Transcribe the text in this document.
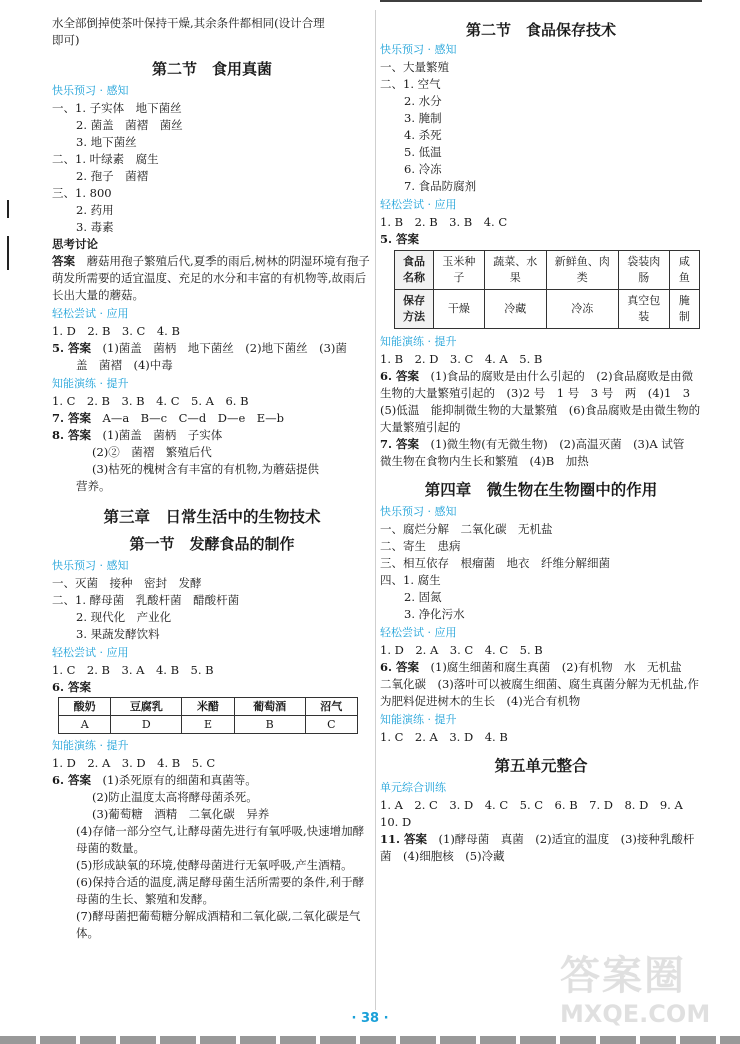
水全部倒掉使茶叶保持干燥,其余条件都相同(设计合理

即可)

第二节　食用真菌
快乐预习 · 感知

一、1. 子实体　地下菌丝

2. 菌盖　菌褶　菌丝

3. 地下菌丝

二、1. 叶绿素　腐生

2. 孢子　菌褶

三、1. 800

2. 药用

3. 毒素

思考讨论

答案　 蘑菇用孢子繁殖后代,夏季的雨后,树林的阴湿环境有孢子萌发所需要的适宜温度、充足的水分和丰富的有机物等,故雨后长出大量的蘑菇。

轻松尝试 · 应用

1. D　2. B　3. C　4. B

5. 答案　 (1)菌盖　菌柄　地下菌丝　(2)地下菌丝　(3)菌

盖　菌褶　(4)中毒

知能演练 · 提升

1. C　2. B　3. B　4. C　5. A　6. B

7. 答案　 A—a　B—c　C—d　D—e　E—b

8. 答案　 (1)菌盖　菌柄　子实体

(2)②　菌褶　繁殖后代

(3)枯死的槐树含有丰富的有机物,为蘑菇提供

营养。

第三章　日常生活中的生物技术
第一节　发酵食品的制作
快乐预习 · 感知

一、灭菌　接种　密封　发酵

二、1. 酵母菌　乳酸杆菌　醋酸杆菌

2. 现代化　产业化

3. 果蔬发酵饮料

轻松尝试 · 应用

1. C　2. B　3. A　4. B　5. B

6. 答案

酸奶	豆腐乳	米醋	葡萄酒	沼气
A	D	E	B	C
知能演练 · 提升

1. D　2. A　3. D　4. B　5. C

6. 答案　 (1)杀死原有的细菌和真菌等。

(2)防止温度太高将酵母菌杀死。

(3)葡萄糖　酒精　二氧化碳　异养

(4)存储一部分空气,让酵母菌先进行有氧呼吸,快速增加酵母菌的数量。

(5)形成缺氧的环境,使酵母菌进行无氧呼吸,产生酒精。

(6)保持合适的温度,满足酵母菌生活所需要的条件,利于酵母菌的生长、繁殖和发酵。

(7)酵母菌把葡萄糖分解成酒精和二氧化碳,二氧化碳是气体。

第二节　食品保存技术
快乐预习 · 感知

一、大量繁殖

二、1. 空气

2. 水分

3. 腌制

4. 杀死

5. 低温

6. 冷冻

7. 食品防腐剂

轻松尝试 · 应用

1. B　2. B　3. B　4. C

5. 答案

食品名称	玉米种子	蔬菜、水果	新鲜鱼、肉类	袋装肉肠	咸鱼
保存方法	干燥	冷藏	冷冻	真空包装	腌制
知能演练 · 提升

1. B　2. D　3. C　4. A　5. B

6. 答案　 (1)食品的腐败是由什么引起的　(2)食品腐败是由微生物的大量繁殖引起的　(3)2 号　1 号　3 号　两　(4)1　3　(5)低温　能抑制微生物的大量繁殖　(6)食品腐败是由微生物的大量繁殖引起的

7. 答案　 (1)微生物(有无微生物)　(2)高温灭菌　(3)A 试管　微生物在食物内生长和繁殖　(4)B　加热

第四章　微生物在生物圈中的作用
快乐预习 · 感知

一、腐烂分解　二氧化碳　无机盐

二、寄生　患病

三、相互依存　根瘤菌　地衣　纤维分解细菌

四、1. 腐生

2. 固氮

3. 净化污水

轻松尝试 · 应用

1. D　2. A　3. C　4. C　5. B

6. 答案　 (1)腐生细菌和腐生真菌　(2)有机物　水　无机盐　二氧化碳　(3)落叶可以被腐生细菌、腐生真菌分解为无机盐,作为肥料促进树木的生长　(4)光合有机物

知能演练 · 提升

1. C　2. A　3. D　4. B

第五单元整合
单元综合训练

1. A　2. C　3. D　4. C　5. C　6. B　7. D　8. D　9. A

10. D

11. 答案　 (1)酵母菌　真菌　(2)适宜的温度　(3)接种乳酸杆菌　(4)细胞核　(5)冷藏

答案圈
MXQE.COM
· 38 ·
